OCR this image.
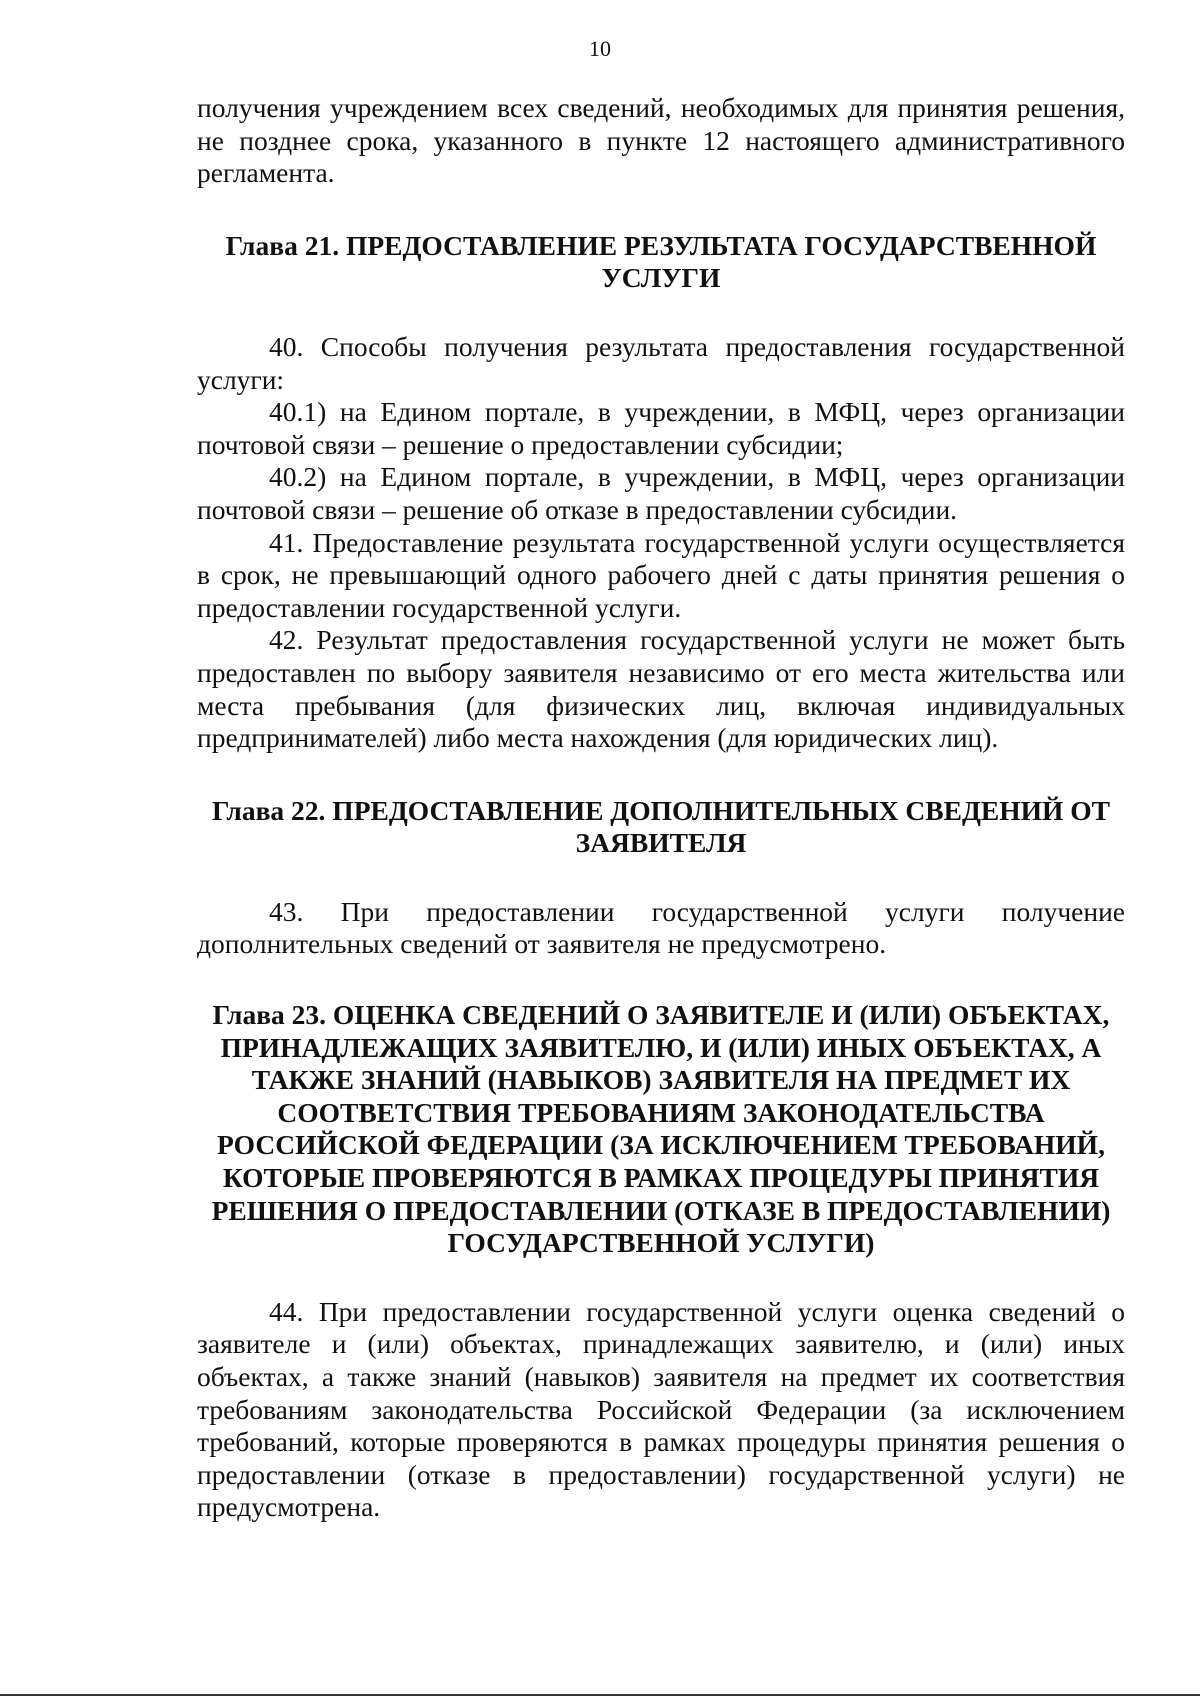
10

получения учреждением всех сведений, необходимых для принятия решения, не позднее срока, указанного в пункте 12 настоящего административного регламента.

Глава 21. ПРЕДОСТАВЛЕНИЕ РЕЗУЛЬТАТА ГОСУДАРСТВЕННОЙ УСЛУГИ

40. Способы получения результата предоставления государственной услуги:

40.1) на Едином портале, в учреждении, в МФЦ, через организации почтовой связи – решение о предоставлении субсидии;

40.2) на Едином портале, в учреждении, в МФЦ, через организации почтовой связи – решение об отказе в предоставлении субсидии.

41. Предоставление результата государственной услуги осуществляется в срок, не превышающий одного рабочего дней с даты принятия решения о предоставлении государственной услуги.

42. Результат предоставления государственной услуги не может быть предоставлен по выбору заявителя независимо от его места жительства или места пребывания (для физических лиц, включая индивидуальных предпринимателей) либо места нахождения (для юридических лиц).

Глава 22. ПРЕДОСТАВЛЕНИЕ ДОПОЛНИТЕЛЬНЫХ СВЕДЕНИЙ ОТ ЗАЯВИТЕЛЯ

43. При предоставлении государственной услуги получение дополнительных сведений от заявителя не предусмотрено.

Глава 23. ОЦЕНКА СВЕДЕНИЙ О ЗАЯВИТЕЛЕ И (ИЛИ) ОБЪЕКТАХ, ПРИНАДЛЕЖАЩИХ ЗАЯВИТЕЛЮ, И (ИЛИ) ИНЫХ ОБЪЕКТАХ, А ТАКЖЕ ЗНАНИЙ (НАВЫКОВ) ЗАЯВИТЕЛЯ НА ПРЕДМЕТ ИХ СООТВЕТСТВИЯ ТРЕБОВАНИЯМ ЗАКОНОДАТЕЛЬСТВА РОССИЙСКОЙ ФЕДЕРАЦИИ (ЗА ИСКЛЮЧЕНИЕМ ТРЕБОВАНИЙ, КОТОРЫЕ ПРОВЕРЯЮТСЯ В РАМКАХ ПРОЦЕДУРЫ ПРИНЯТИЯ РЕШЕНИЯ О ПРЕДОСТАВЛЕНИИ (ОТКАЗЕ В ПРЕДОСТАВЛЕНИИ) ГОСУДАРСТВЕННОЙ УСЛУГИ)

44. При предоставлении государственной услуги оценка сведений о заявителе и (или) объектах, принадлежащих заявителю, и (или) иных объектах, а также знаний (навыков) заявителя на предмет их соответствия требованиям законодательства Российской Федерации (за исключением требований, которые проверяются в рамках процедуры принятия решения о предоставлении (отказе в предоставлении) государственной услуги) не предусмотрена.
